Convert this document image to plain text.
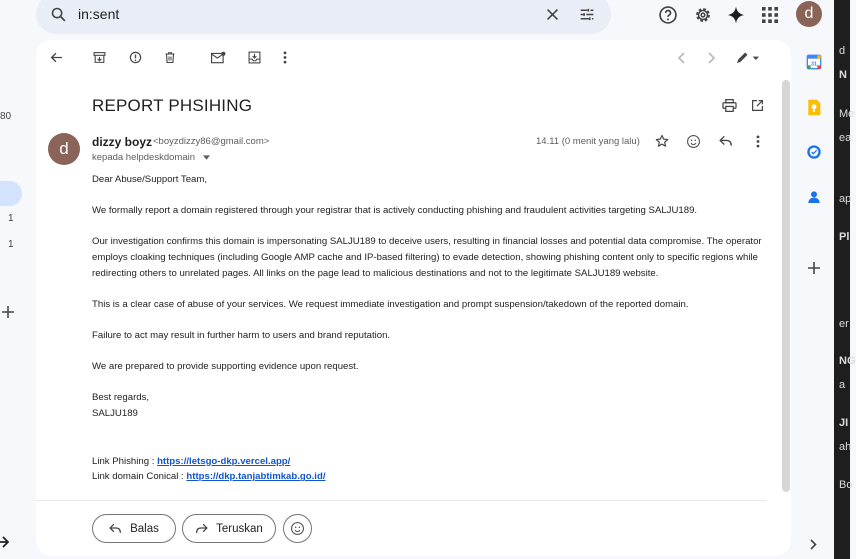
in:sent
d
80
1
1
REPORT PHSIHING
d	dizzy boyz <boyzdizzy86@gmail.com>
kepada helpdeskdomain
14.11 (0 menit yang lalu)

Dear Abuse/Support Team,

We formally report a domain registered through your registrar that is actively conducting phishing and fraudulent activities targeting SALJU189.

Our investigation confirms this domain is impersonating SALJU189 to deceive users, resulting in financial losses and potential data compromise. The operator employs cloaking techniques (including Google AMP cache and IP-based filtering) to evade detection, showing phishing content only to specific regions while redirecting others to unrelated pages. All links on the page lead to malicious destinations and not to the legitimate SALJU189 website.

This is a clear case of abuse of your services. We request immediate investigation and prompt suspension/takedown of the reported domain.

Failure to act may result in further harm to users and brand reputation.

We are prepared to provide supporting evidence upon request.

Best regards,

SALJU189

Link Phishing : https://letsgo-dkp.vercel.app/

Link domain Conical : https://dkp.tanjabtimkab.go.id/

Balas	Teruskan
31
d
N
Me
ea
ap
Pl
er
NG
a
JI
ah
Bo
